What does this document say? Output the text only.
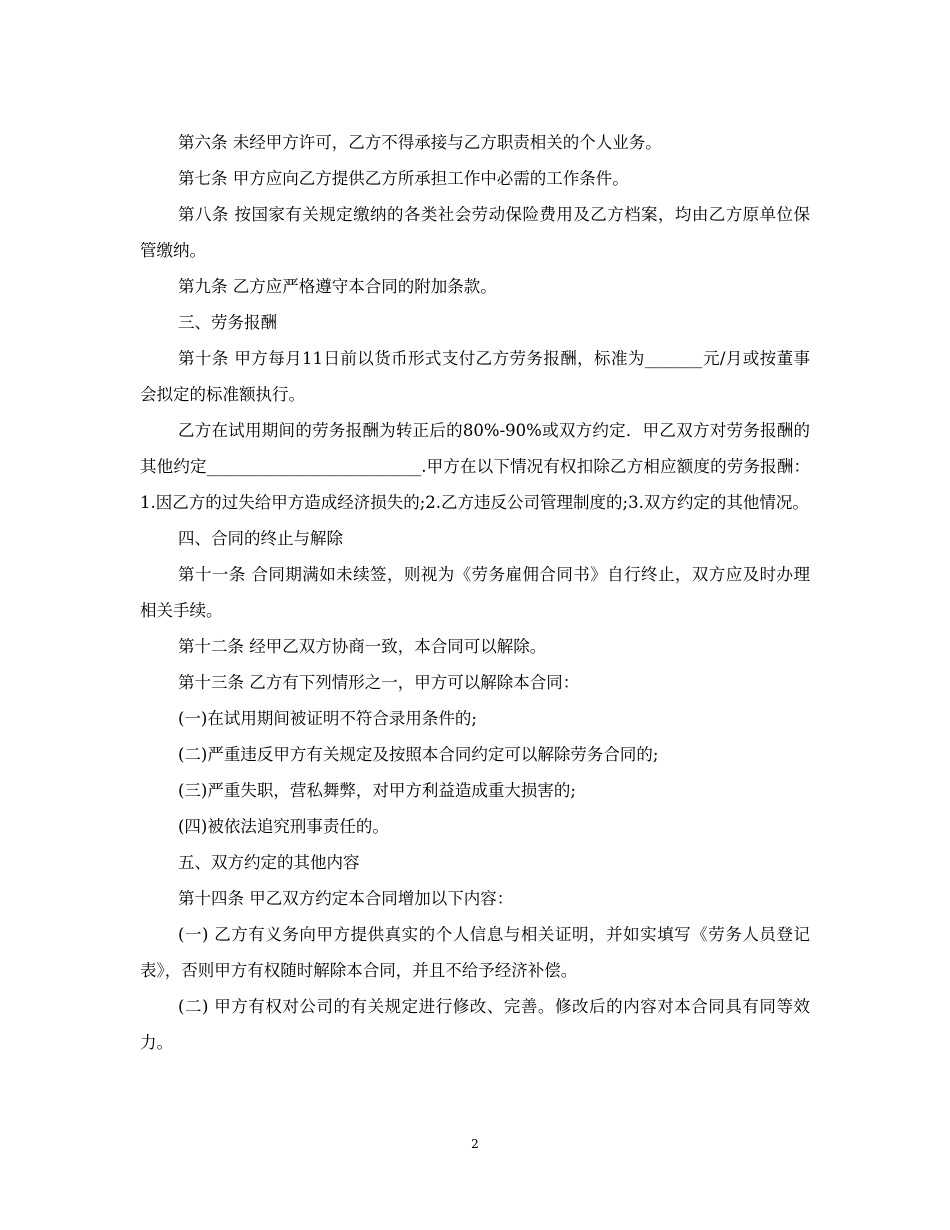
第六条 未经甲方许可，乙方不得承接与乙方职责相关的个人业务。

第七条 甲方应向乙方提供乙方所承担工作中必需的工作条件。

第八条 按国家有关规定缴纳的各类社会劳动保险费用及乙方档案，均由乙方原单位保管缴纳。

第九条 乙方应严格遵守本合同的附加条款。

三、劳务报酬

第十条 甲方每月11日前以货币形式支付乙方劳务报酬，标准为_______元/月或按董事会拟定的标准额执行。

乙方在试用期间的劳务报酬为转正后的80%-90%或双方约定．甲乙双方对劳务报酬的其他约定__________________________.甲方在以下情况有权扣除乙方相应额度的劳务报酬：1.因乙方的过失给甲方造成经济损失的;2.乙方违反公司管理制度的;3.双方约定的其他情况。

四、合同的终止与解除

第十一条 合同期满如未续签，则视为《劳务雇佣合同书》自行终止，双方应及时办理相关手续。

第十二条 经甲乙双方协商一致，本合同可以解除。

第十三条 乙方有下列情形之一，甲方可以解除本合同：

(一)在试用期间被证明不符合录用条件的;

(二)严重违反甲方有关规定及按照本合同约定可以解除劳务合同的;

(三)严重失职，营私舞弊，对甲方利益造成重大损害的;

(四)被依法追究刑事责任的。

五、双方约定的其他内容

第十四条 甲乙双方约定本合同增加以下内容：

(一) 乙方有义务向甲方提供真实的个人信息与相关证明，并如实填写《劳务人员登记表》，否则甲方有权随时解除本合同，并且不给予经济补偿。

(二) 甲方有权对公司的有关规定进行修改、完善。修改后的内容对本合同具有同等效力。

2
